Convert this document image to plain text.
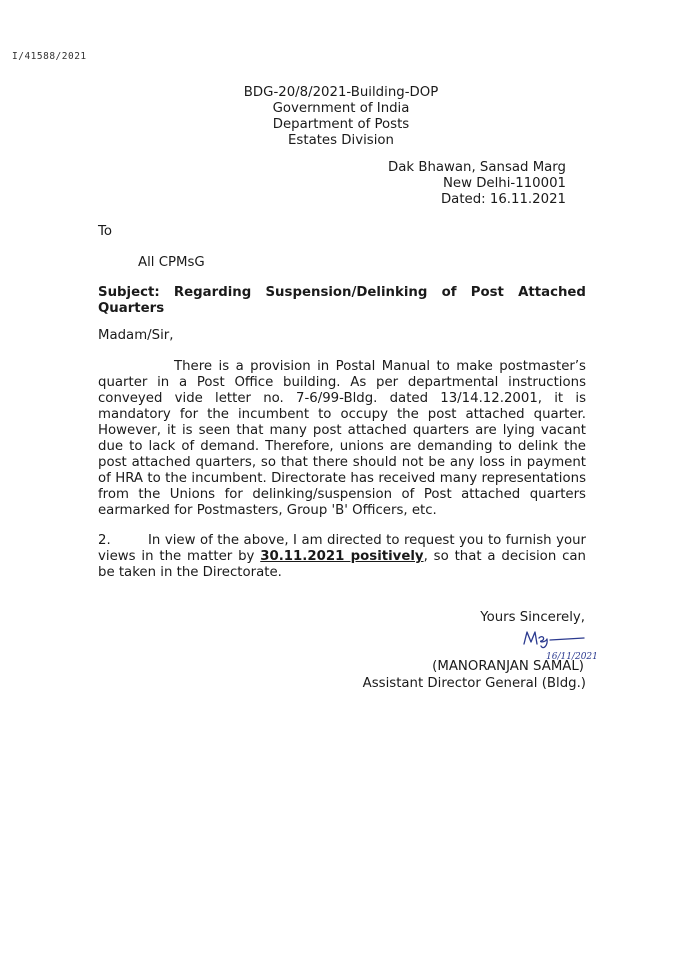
I/41588/2021
BDG-20/8/2021-Building-DOP
Government of India
Department of Posts
Estates Division
Dak Bhawan, Sansad Marg
New Delhi-110001
Dated: 16.11.2021
To
All CPMsG
Subject: Regarding Suspension/Delinking of Post Attached
Quarters
Madam/Sir,
There is a provision in Postal Manual to make postmaster’s quarter in a Post Office building. As per departmental instructions conveyed vide letter no. 7-6/99-Bldg. dated 13/14.12.2001, it is mandatory for the incumbent to occupy the post attached quarter. However, it is seen that many post attached quarters are lying vacant due to lack of demand. Therefore, unions are demanding to delink the post attached quarters, so that there should not be any loss in payment of HRA to the incumbent. Directorate has received many representations from the Unions for delinking/suspension of Post attached quarters earmarked for Postmasters, Group 'B' Officers, etc.
2.	In view of the above, I am directed to request you to furnish your views in the matter by 30.11.2021 positively, so that a decision can be taken in the Directorate.
Yours Sincerely,
16/11/2021
(MANORANJAN SAMAL)
Assistant Director General (Bldg.)
